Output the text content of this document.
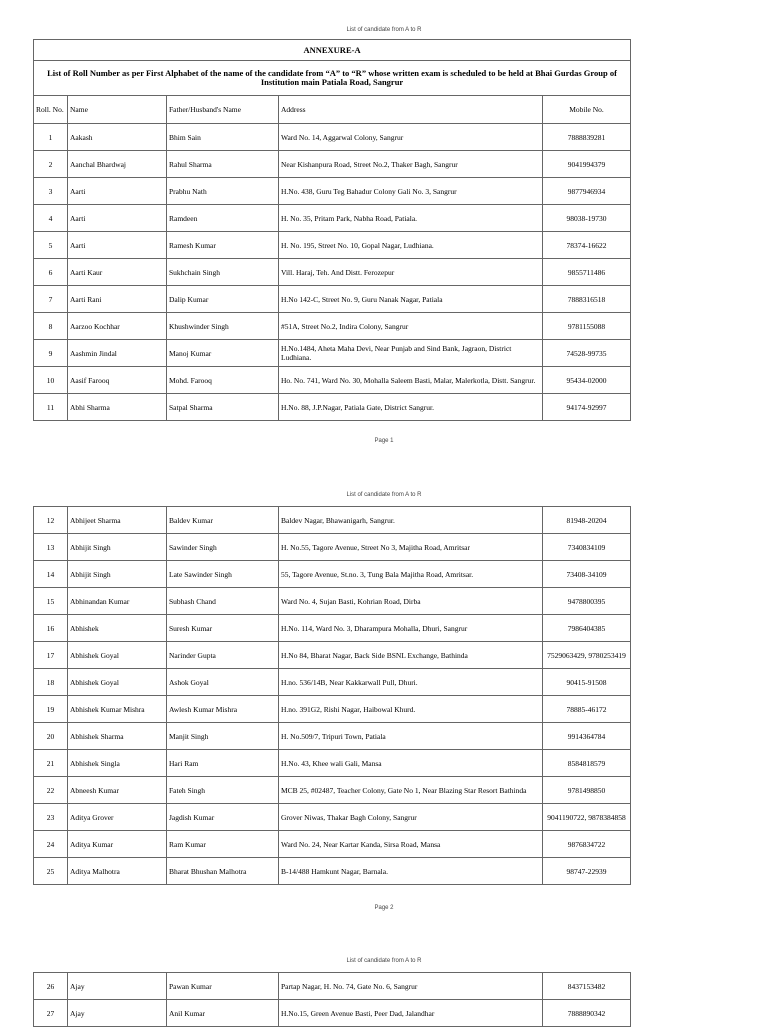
List of candidate from A to R
ANNEXURE-A				
List of Roll Number as per First Alphabet of the name of the candidate from “A” to “R” whose written exam is scheduled to be held at Bhai Gurdas Group of Institution main Patiala Road, Sangrur				
Roll. No.	Name	Father/Husband's Name	Address	Mobile No.
1	Aakash	Bhim Sain	Ward No. 14, Aggarwal Colony, Sangrur	7888839281
2	Aanchal Bhardwaj	Rahul Sharma	Near Kishanpura Road, Street No.2, Thaker Bagh, Sangrur	9041994379
3	Aarti	Prabhu Nath	H.No. 438, Guru Teg Bahadur Colony Gali No. 3, Sangrur	9877946934
4	Aarti	Ramdeen	H. No. 35, Pritam Park, Nabha Road, Patiala.	98038-19730
5	Aarti	Ramesh Kumar	H. No. 195, Street No. 10, Gopal Nagar, Ludhiana.	78374-16622
6	Aarti Kaur	Sukhchain Singh	Vill. Haraj, Teh. And Distt. Ferozepur	9855711486
7	Aarti Rani	Dalip Kumar	H.No 142-C, Street No. 9, Guru Nanak Nagar, Patiala	7888316518
8	Aarzoo Kochhar	Khushwinder Singh	#51A, Street No.2, Indira Colony, Sangrur	9781155088
9	Aashmin Jindal	Manoj Kumar	H.No.1484, Aheta Maha Devi, Near Punjab and Sind Bank, Jagraon, District Ludhiana.	74528-99735
10	Aasif Farooq	Mohd. Farooq	Ho. No. 741, Ward No. 30, Mohalla Saleem Basti, Malar, Malerkotla, Distt. Sangrur.	95434-02000
11	Abhi Sharma	Satpal Sharma	H.No. 88, J.P.Nagar, Patiala Gate, District Sangrur.	94174-92997
Page 1
List of candidate from A to R
12	Abhijeet Sharma	Baldev Kumar	Baldev Nagar, Bhawanigarh, Sangrur.	81948-20204
13	Abhijit Singh	Sawinder Singh	H. No.55, Tagore Avenue, Street No 3, Majitha Road, Amritsar	7340834109
14	Abhijit Singh	Late Sawinder Singh	55, Tagore Avenue, St.no. 3, Tung Bala Majitha Road, Amritsar.	73408-34109
15	Abhinandan Kumar	Subhash Chand	Ward No. 4, Sujan Basti, Kohrian Road, Dirba	9478800395
16	Abhishek	Suresh Kumar	H.No. 114, Ward No. 3, Dharampura Mohalla, Dhuri, Sangrur	7986404385
17	Abhishek Goyal	Narinder Gupta	H.No 84, Bharat Nagar, Back Side BSNL Exchange, Bathinda	7529063429, 9780253419
18	Abhishek Goyal	Ashok Goyal	H.no. 536/14B, Near Kakkarwall Pull, Dhuri.	90415-91508
19	Abhishek Kumar Mishra	Awlesh Kumar Mishra	H.no. 391G2, Rishi Nagar, Haibowal Khurd.	78885-46172
20	Abhishek Sharma	Manjit Singh	H. No.509/7, Tripuri Town, Patiala	9914364784
21	Abhishek Singla	Hari Ram	H.No. 43, Khee wali Gali, Mansa	8584818579
22	Abneesh Kumar	Fateh Singh	MCB 25, #02487, Teacher Colony, Gate No 1, Near Blazing Star Resort Bathinda	9781498850
23	Aditya Grover	Jagdish Kumar	Grover Niwas, Thakar Bagh Colony, Sangrur	9041190722, 9878384858
24	Aditya Kumar	Ram Kumar	Ward No. 24, Near Kartar Kanda, Sirsa Road, Mansa	9876834722
25	Aditya Malhotra	Bharat Bhushan Malhotra	B-14/488 Hamkunt Nagar, Barnala.	98747-22939
Page 2
List of candidate from A to R
26	Ajay	Pawan Kumar	Partap Nagar, H. No. 74, Gate No. 6, Sangrur	8437153482
27	Ajay	Anil Kumar	H.No.15, Green Avenue Basti, Peer Dad, Jalandhar	7888890342
